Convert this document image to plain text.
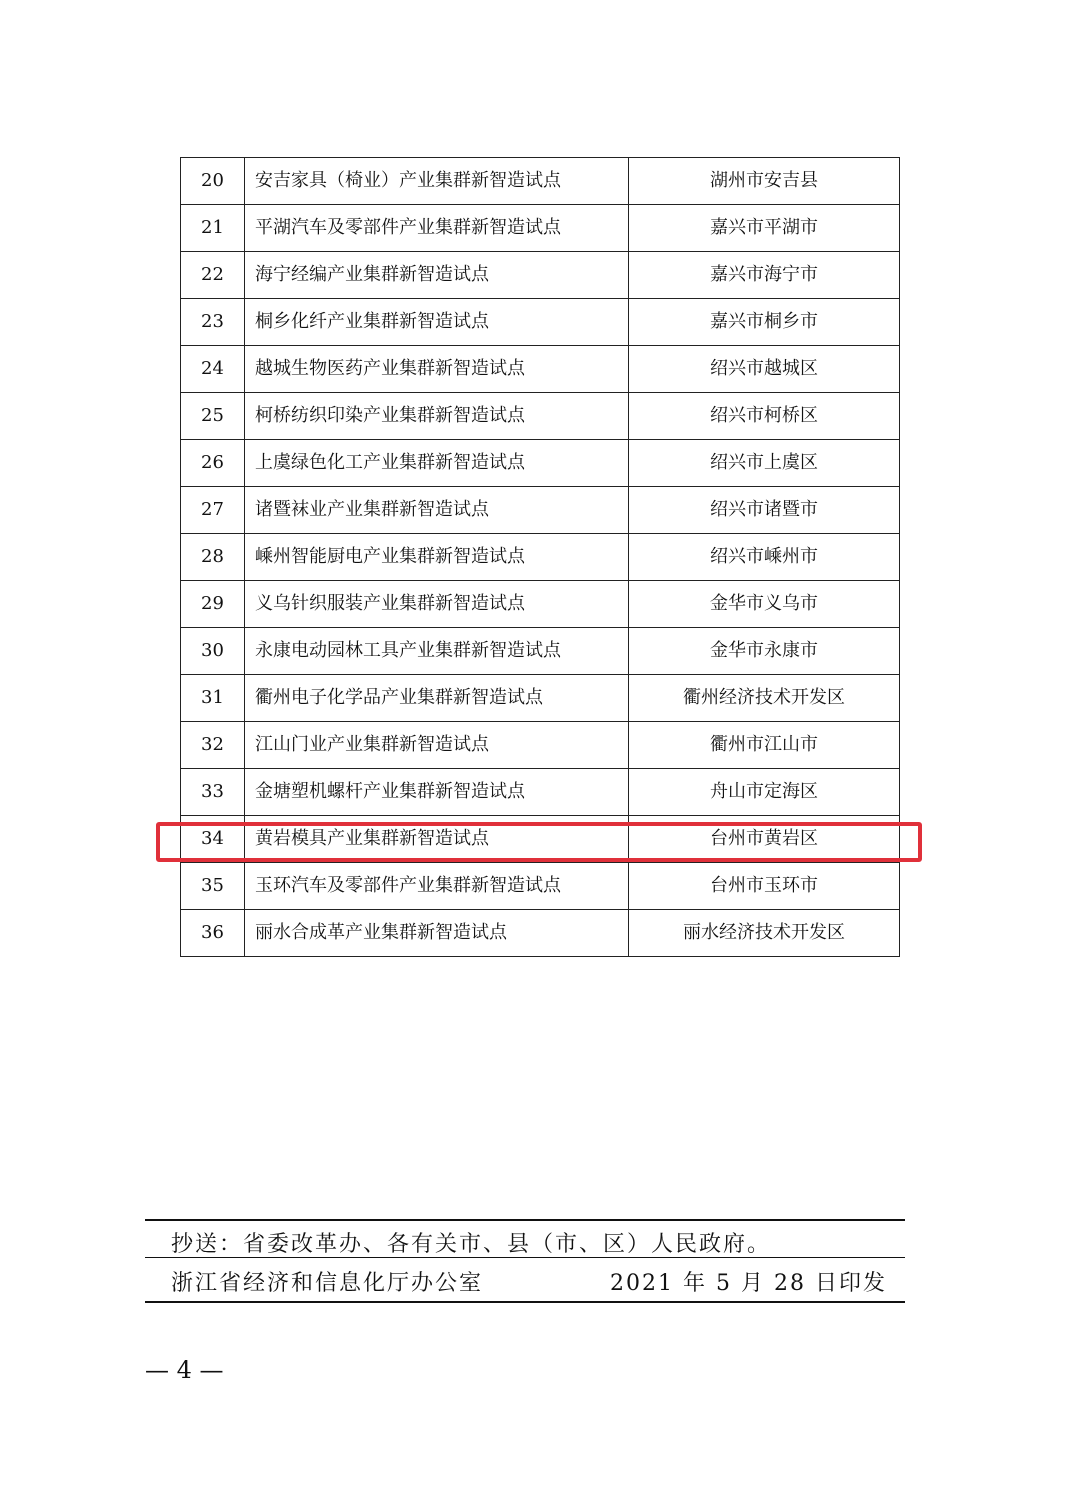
20	安吉家具（椅业）产业集群新智造试点	湖州市安吉县
21	平湖汽车及零部件产业集群新智造试点	嘉兴市平湖市
22	海宁经编产业集群新智造试点	嘉兴市海宁市
23	桐乡化纤产业集群新智造试点	嘉兴市桐乡市
24	越城生物医药产业集群新智造试点	绍兴市越城区
25	柯桥纺织印染产业集群新智造试点	绍兴市柯桥区
26	上虞绿色化工产业集群新智造试点	绍兴市上虞区
27	诸暨袜业产业集群新智造试点	绍兴市诸暨市
28	嵊州智能厨电产业集群新智造试点	绍兴市嵊州市
29	义乌针织服装产业集群新智造试点	金华市义乌市
30	永康电动园林工具产业集群新智造试点	金华市永康市
31	衢州电子化学品产业集群新智造试点	衢州经济技术开发区
32	江山门业产业集群新智造试点	衢州市江山市
33	金塘塑机螺杆产业集群新智造试点	舟山市定海区
34	黄岩模具产业集群新智造试点	台州市黄岩区
35	玉环汽车及零部件产业集群新智造试点	台州市玉环市
36	丽水合成革产业集群新智造试点	丽水经济技术开发区
抄送：省委改革办、各有关市、县（市、区）人民政府。
浙江省经济和信息化厅办公室	2021 年 5 月 28 日印发
— 4 —
